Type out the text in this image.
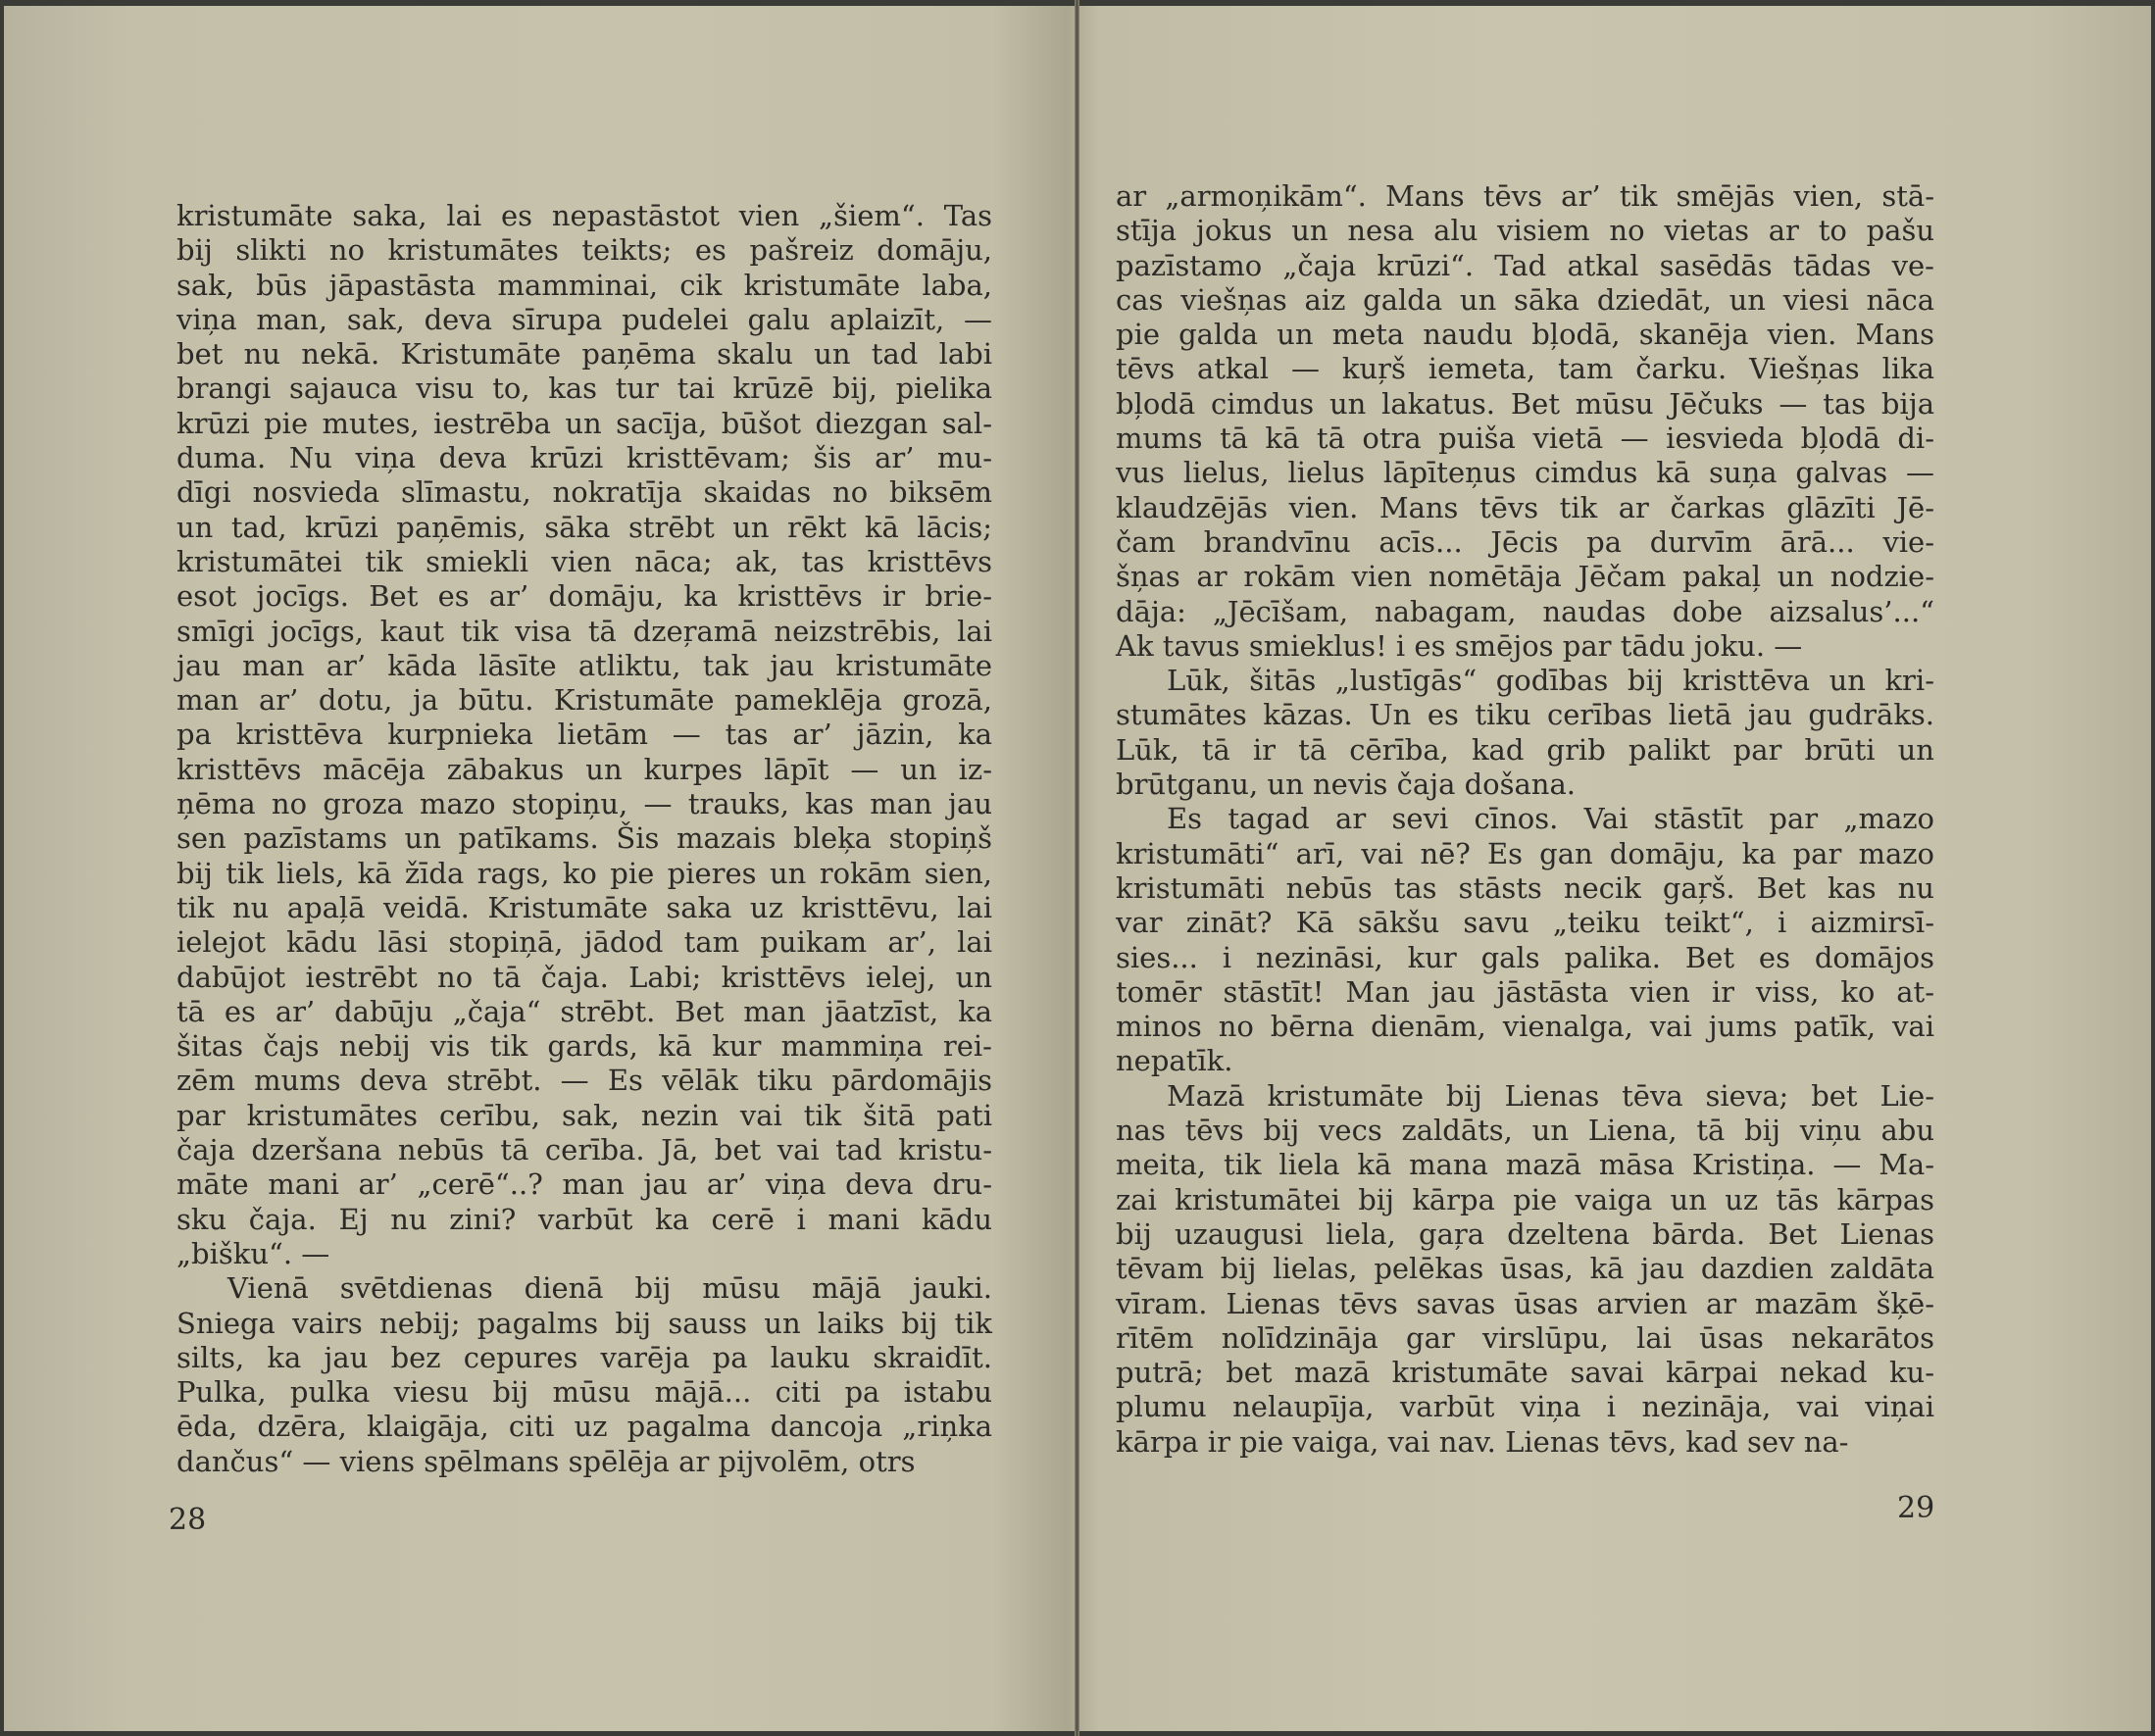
kristumāte saka, lai es nepastāstot vien „šiem“. Tas
bij slikti no kristumātes teikts; es pašreiz domāju,
sak, būs jāpastāsta mamminai, cik kristumāte laba,
viņa man, sak, deva sīrupa pudelei galu aplaizīt, —
bet nu nekā. Kristumāte paņēma skalu un tad labi
brangi sajauca visu to, kas tur tai krūzē bij, pielika
krūzi pie mutes, iestrēba un sacīja, būšot diezgan sal-
duma. Nu viņa deva krūzi kristtēvam; šis ar’ mu-
dīgi nosvieda slīmastu, nokratīja skaidas no biksēm
un tad, krūzi paņēmis, sāka strēbt un rēkt kā lācis;
kristumātei tik smiekli vien nāca; ak, tas kristtēvs
esot jocīgs. Bet es ar’ domāju, ka kristtēvs ir brie-
smīgi jocīgs, kaut tik visa tā dzeŗamā neizstrēbis, lai
jau man ar’ kāda lāsīte atliktu, tak jau kristumāte
man ar’ dotu, ja būtu. Kristumāte pameklēja grozā,
pa kristtēva kurpnieka lietām — tas ar’ jāzin, ka
kristtēvs mācēja zābakus un kurpes lāpīt — un iz-
ņēma no groza mazo stopiņu, — trauks, kas man jau
sen pazīstams un patīkams. Šis mazais bleķa stopiņš
bij tik liels, kā žīda rags, ko pie pieres un rokām sien,
tik nu apaļā veidā. Kristumāte saka uz kristtēvu, lai
ielejot kādu lāsi stopiņā, jādod tam puikam ar’, lai
dabūjot iestrēbt no tā čaja. Labi; kristtēvs ielej, un
tā es ar’ dabūju „čaja“ strēbt. Bet man jāatzīst, ka
šitas čajs nebij vis tik gards, kā kur mammiņa rei-
zēm mums deva strēbt. — Es vēlāk tiku pārdomājis
par kristumātes cerību, sak, nezin vai tik šitā pati
čaja dzeršana nebūs tā cerība. Jā, bet vai tad kristu-
māte mani ar’ „cerē“..? man jau ar’ viņa deva dru-
sku čaja. Ej nu zini? varbūt ka cerē i mani kādu
„bišku“. —
Vienā svētdienas dienā bij mūsu mājā jauki.
Sniega vairs nebij; pagalms bij sauss un laiks bij tik
silts, ka jau bez cepures varēja pa lauku skraidīt.
Pulka, pulka viesu bij mūsu mājā... citi pa istabu
ēda, dzēra, klaigāja, citi uz pagalma dancoja „riņka
dančus“ — viens spēlmans spēlēja ar pijvolēm, otrs
28
ar „armoņikām“. Mans tēvs ar’ tik smējās vien, stā-
stīja jokus un nesa alu visiem no vietas ar to pašu
pazīstamo „čaja krūzi“. Tad atkal sasēdās tādas ve-
cas viešņas aiz galda un sāka dziedāt, un viesi nāca
pie galda un meta naudu bļodā, skanēja vien. Mans
tēvs atkal — kuŗš iemeta, tam čarku. Viešņas lika
bļodā cimdus un lakatus. Bet mūsu Jēčuks — tas bija
mums tā kā tā otra puiša vietā — iesvieda bļodā di-
vus lielus, lielus lāpīteņus cimdus kā suņa galvas —
klaudzējās vien. Mans tēvs tik ar čarkas glāzīti Jē-
čam brandvīnu acīs... Jēcis pa durvīm ārā... vie-
šņas ar rokām vien nomētāja Jēčam pakaļ un nodzie-
dāja: „Jēcīšam, nabagam, naudas dobe aizsalus’...“
Ak tavus smieklus! i es smējos par tādu joku. —
Lūk, šitās „lustīgās“ godības bij kristtēva un kri-
stumātes kāzas. Un es tiku cerības lietā jau gudrāks.
Lūk, tā ir tā cērība, kad grib palikt par brūti un
brūtganu, un nevis čaja došana.
Es tagad ar sevi cīnos. Vai stāstīt par „mazo
kristumāti“ arī, vai nē? Es gan domāju, ka par mazo
kristumāti nebūs tas stāsts necik gaŗš. Bet kas nu
var zināt? Kā sākšu savu „teiku teikt“, i aizmirsī-
sies... i nezināsi, kur gals palika. Bet es domājos
tomēr stāstīt! Man jau jāstāsta vien ir viss, ko at-
minos no bērna dienām, vienalga, vai jums patīk, vai
nepatīk.
Mazā kristumāte bij Lienas tēva sieva; bet Lie-
nas tēvs bij vecs zaldāts, un Liena, tā bij viņu abu
meita, tik liela kā mana mazā māsa Kristiņa. — Ma-
zai kristumātei bij kārpa pie vaiga un uz tās kārpas
bij uzaugusi liela, gaŗa dzeltena bārda. Bet Lienas
tēvam bij lielas, pelēkas ūsas, kā jau dazdien zaldāta
vīram. Lienas tēvs savas ūsas arvien ar mazām šķē-
rītēm nolīdzināja gar virslūpu, lai ūsas nekarātos
putrā; bet mazā kristumāte savai kārpai nekad ku-
plumu nelaupīja, varbūt viņa i nezināja, vai viņai
kārpa ir pie vaiga, vai nav. Lienas tēvs, kad sev na-
29
